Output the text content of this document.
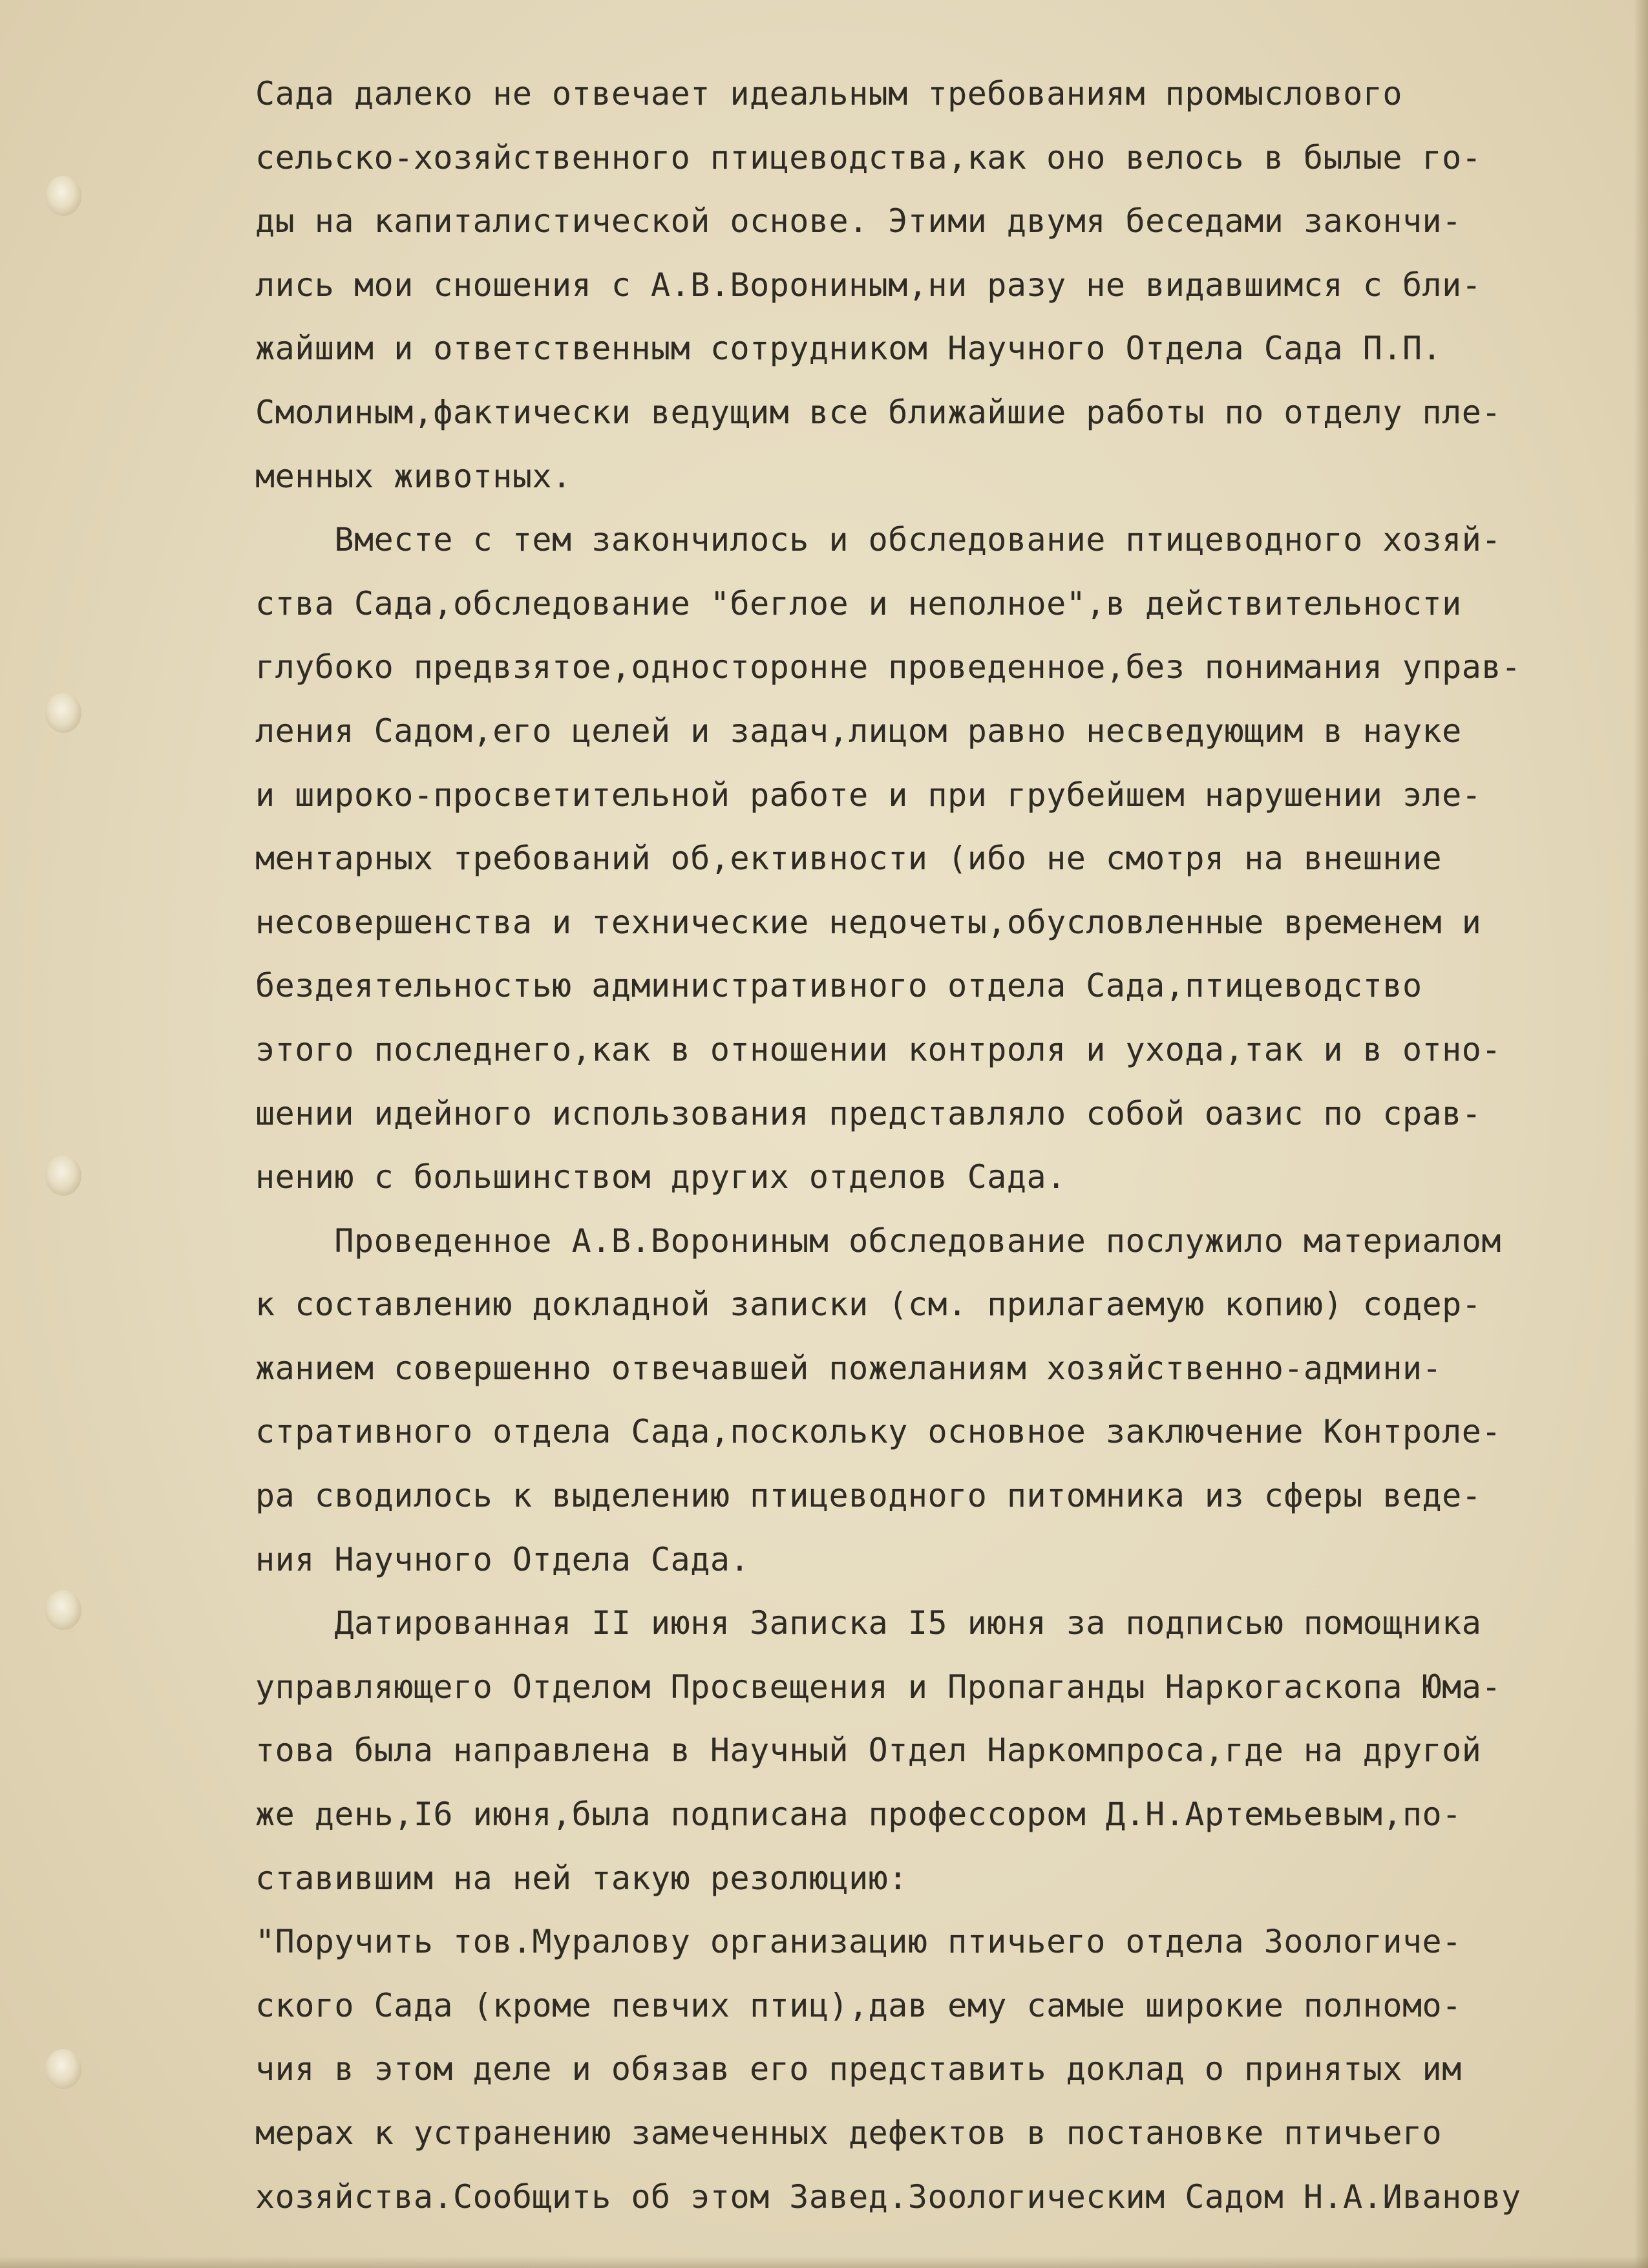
Сада далеко не отвечает идеальным требованиям промыслового
сельско-хозяйственного птицеводства,как оно велось в былые го-
ды на капиталистической основе. Этими двумя беседами закончи-
лись мои сношения с А.В.Ворониным,ни разу не видавшимся с бли-
жайшим и ответственным сотрудником Научного Отдела Сада П.П.
Смолиным,фактически ведущим все ближайшие работы по отделу пле-
менных животных.
Вместе с тем закончилось и обследование птицеводного хозяй-
ства Сада,обследование "беглое и неполное",в действительности
глубоко предвзятое,односторонне проведенное,без понимания управ-
ления Садом,его целей и задач,лицом равно несведующим в науке
и широко-просветительной работе и при грубейшем нарушении эле-
ментарных требований об,ективности (ибо не смотря на внешние
несовершенства и технические недочеты,обусловленные временем и
бездеятельностью административного отдела Сада,птицеводство
этого последнего,как в отношении контроля и ухода,так и в отно-
шении идейного использования представляло собой оазис по срав-
нению с большинством других отделов Сада.
Проведенное А.В.Ворониным обследование послужило материалом
к составлению докладной записки (см. прилагаемую копию) содер-
жанием совершенно отвечавшей пожеланиям хозяйственно-админи-
стративного отдела Сада,поскольку основное заключение Контроле-
ра сводилось к выделению птицеводного питомника из сферы веде-
ния Научного Отдела Сада.
Датированная II июня Записка I5 июня за подписью помощника
управляющего Отделом Просвещения и Пропаганды Наркогаскопа Юма-
това была направлена в Научный Отдел Наркомпроса,где на другой
же день,I6 июня,была подписана профессором Д.Н.Артемьевым,по-
ставившим на ней такую резолюцию:
"Поручить тов.Муралову организацию птичьего отдела Зоологиче-
ского Сада (кроме певчих птиц),дав ему самые широкие полномо-
чия в этом деле и обязав его представить доклад о принятых им
мерах к устранению замеченных дефектов в постановке птичьего
хозяйства.Сообщить об этом Завед.Зоологическим Садом Н.А.Иванову
